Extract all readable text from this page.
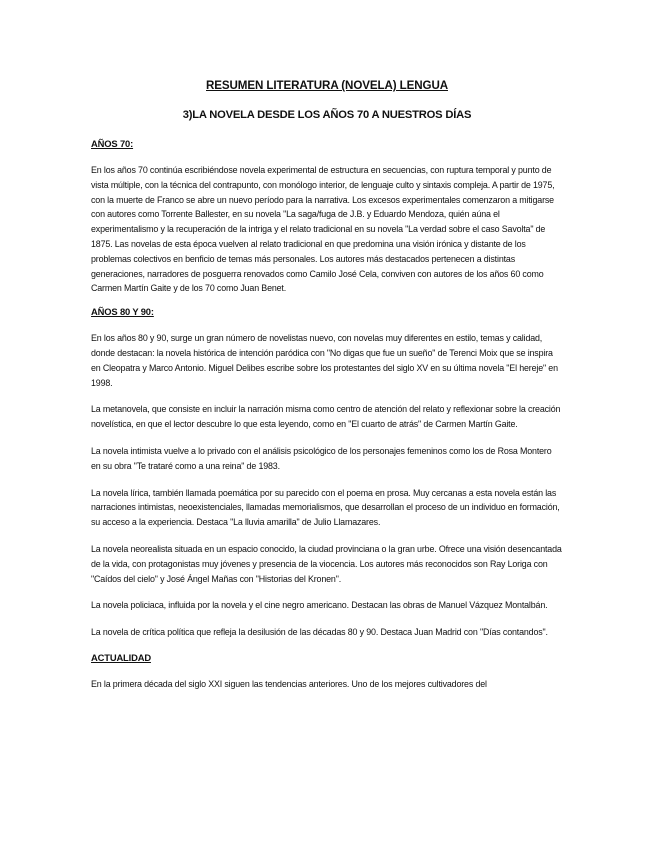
RESUMEN LITERATURA (NOVELA) LENGUA
3)LA NOVELA DESDE LOS AÑOS 70 A NUESTROS DÍAS
AÑOS 70:

En los años 70 continúa escribiéndose novela experimental de estructura en secuencias, con ruptura temporal y punto de vista múltiple, con la técnica del contrapunto, con monólogo interior, de lenguaje culto y sintaxis compleja. A partir de 1975, con la muerte de Franco se abre un nuevo período para la narrativa. Los excesos experimentales comenzaron a mitigarse con autores como Torrente Ballester, en su novela "La saga/fuga de J.B. y Eduardo Mendoza, quién aúna el experimentalismo y la recuperación de la intriga y el relato tradicional en su novela "La verdad sobre el caso Savolta" de 1875. Las novelas de esta época vuelven al relato tradicional en que predomina una visión irónica y distante de los problemas colectivos en benficio de temas más personales. Los autores más destacados pertenecen a distintas generaciones, narradores de posguerra renovados como Camilo José Cela, conviven con autores de los años 60 como Carmen Martín Gaite y de los 70 como Juan Benet.

AÑOS 80 Y 90:

En los años 80 y 90, surge un gran número de novelistas nuevo, con novelas muy diferentes en estilo, temas y calidad, donde destacan: la novela histórica de intención paródica con "No digas que fue un sueño" de Terenci Moix que se inspira en Cleopatra y Marco Antonio. Miguel Delibes escribe sobre los protestantes del siglo XV en su última novela "El hereje" en 1998.

La metanovela, que consiste en incluir la narración misma como centro de atención del relato y reflexionar sobre la creación novelística, en que el lector descubre lo que esta leyendo, como en "El cuarto de atrás" de Carmen Martín Gaite.

La novela intimista vuelve a lo privado con el análisis psicológico de los personajes femeninos como los de Rosa Montero en su obra "Te trataré como a una reina" de 1983.

La novela lírica, también llamada poemática por su parecido con el poema en prosa. Muy cercanas a esta novela están las narraciones intimistas, neoexistenciales, llamadas memorialismos, que desarrollan el proceso de un individuo en formación, su acceso a la experiencia. Destaca "La lluvia amarilla" de Julio Llamazares.

La novela neorealista situada en un espacio conocido, la ciudad provinciana o la gran urbe. Ofrece una visión desencantada de la vida, con protagonistas muy jóvenes y presencia de la viocencia. Los autores más reconocidos son Ray Loriga con "Caídos del cielo" y José Ángel Mañas con "Historias del Kronen".

La novela policiaca, influida por la novela y el cine negro americano. Destacan las obras de Manuel Vázquez Montalbán.

La novela de crítica política que refleja la desilusión de las décadas 80 y 90. Destaca Juan Madrid con "Días contandos".

ACTUALIDAD

En la primera década del siglo XXI siguen las tendencias anteriores. Uno de los mejores cultivadores del
